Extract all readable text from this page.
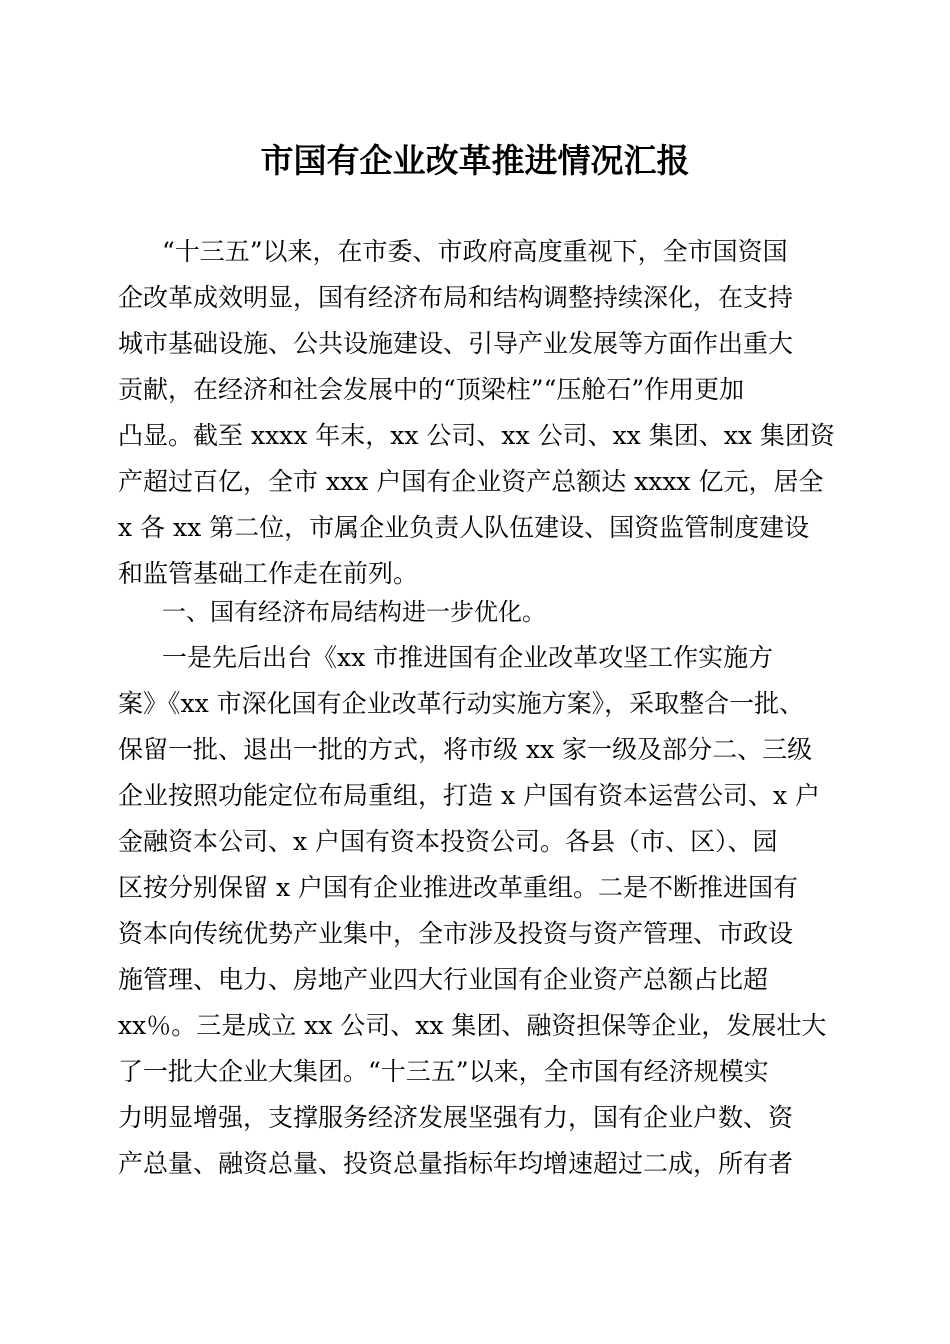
市国有企业改革推进情况汇报
“十三五”以来，在市委、市政府高度重视下，全市国资国
企改革成效明显，国有经济布局和结构调整持续深化，在支持
城市基础设施、公共设施建设、引导产业发展等方面作出重大
贡献，在经济和社会发展中的“顶梁柱”“压舱石”作用更加
凸显。截至 xxxx 年末，xx 公司、xx 公司、xx 集团、xx 集团资
产超过百亿，全市 xxx 户国有企业资产总额达 xxxx 亿元，居全
x 各 xx 第二位，市属企业负责人队伍建设、国资监管制度建设
和监管基础工作走在前列。
一、国有经济布局结构进一步优化。
一是先后出台《xx 市推进国有企业改革攻坚工作实施方
案》《xx 市深化国有企业改革行动实施方案》，采取整合一批、
保留一批、退出一批的方式，将市级 xx 家一级及部分二、三级
企业按照功能定位布局重组，打造 x 户国有资本运营公司、x 户
金融资本公司、x 户国有资本投资公司。各县（市、区）、园
区按分别保留 x 户国有企业推进改革重组。二是不断推进国有
资本向传统优势产业集中，全市涉及投资与资产管理、市政设
施管理、电力、房地产业四大行业国有企业资产总额占比超
xx％。三是成立 xx 公司、xx 集团、融资担保等企业，发展壮大
了一批大企业大集团。“十三五”以来，全市国有经济规模实
力明显增强，支撑服务经济发展坚强有力，国有企业户数、资
产总量、融资总量、投资总量指标年均增速超过二成，所有者
